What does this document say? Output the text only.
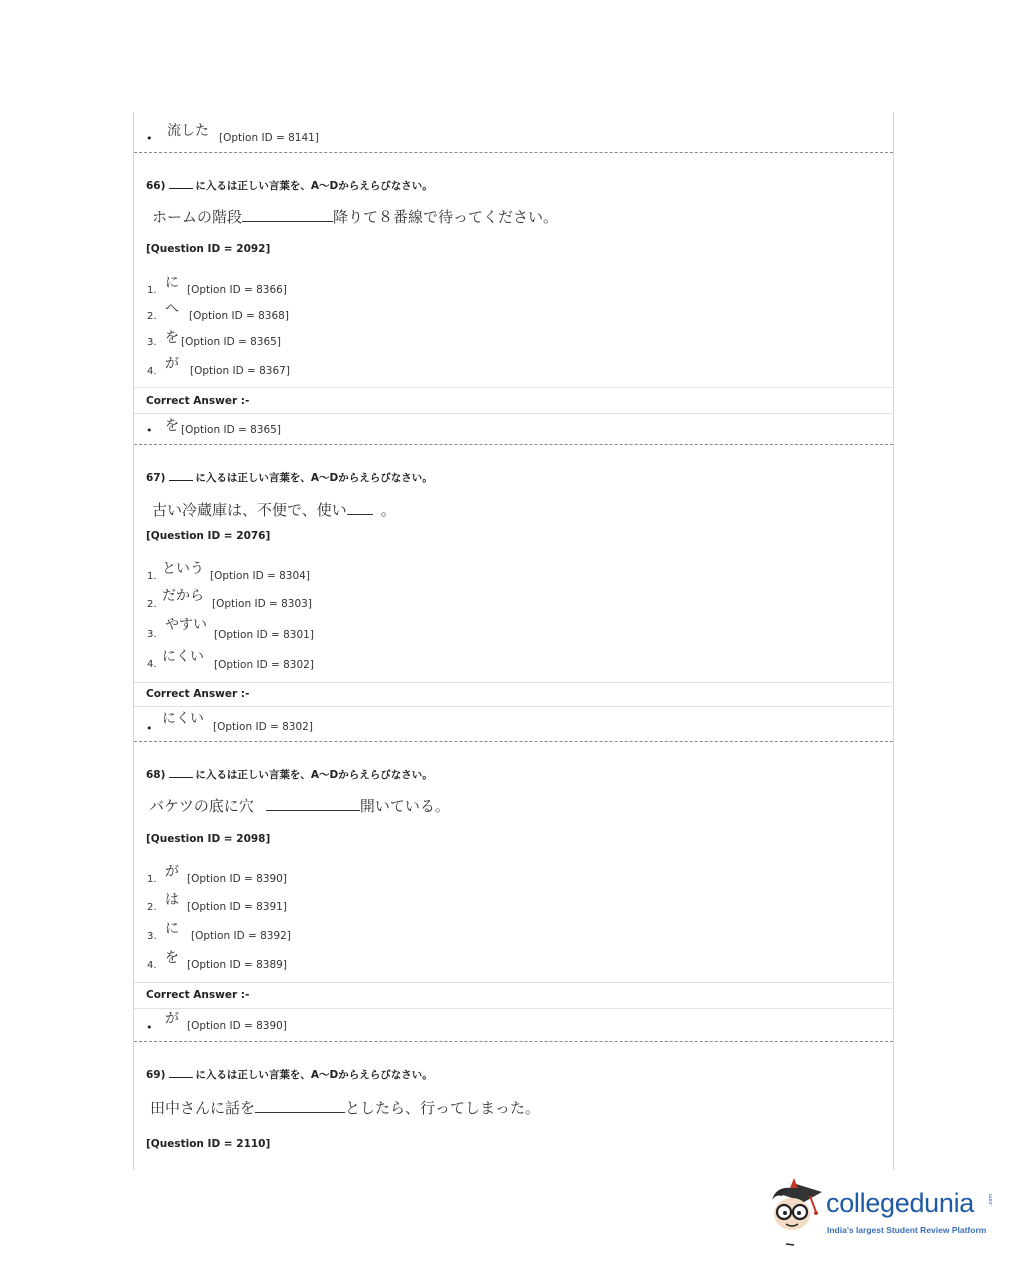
• 流した [Option ID = 8141]
66)	に入るは正しい言葉を、A～Dからえらびなさい。
ホームの階段	降りて８番線で待ってください。
[Question ID = 2092]
1. に [Option ID = 8366]
2. へ [Option ID = 8368]
3. を [Option ID = 8365]
4. が [Option ID = 8367]
Correct Answer :-
• を [Option ID = 8365]
67)	に入るは正しい言葉を、A～Dからえらびなさい。
古い冷蔵庫は、不便で、使い 。
[Question ID = 2076]
1. という [Option ID = 8304]
2.
だから [Option ID = 8303]
3.
やすい
[Option ID = 8301]
4. にくい [Option ID = 8302]
Correct Answer :-
•
にくい [Option ID = 8302]
68)	に入るは正しい言葉を、A～Dからえらびなさい。
バケツの底に穴	開いている。
[Question ID = 2098]
1. が [Option ID = 8390]
2. は [Option ID = 8391]
3. に [Option ID = 8392]
4. を [Option ID = 8389]
Correct Answer :-
•
が [Option ID = 8390]
69)	に入るは正しい言葉を、A～Dからえらびなさい。
田中さんに話を	としたら、行ってしまった。
[Question ID = 2110]
collegedunia	.com
India's largest Student Review Platform
